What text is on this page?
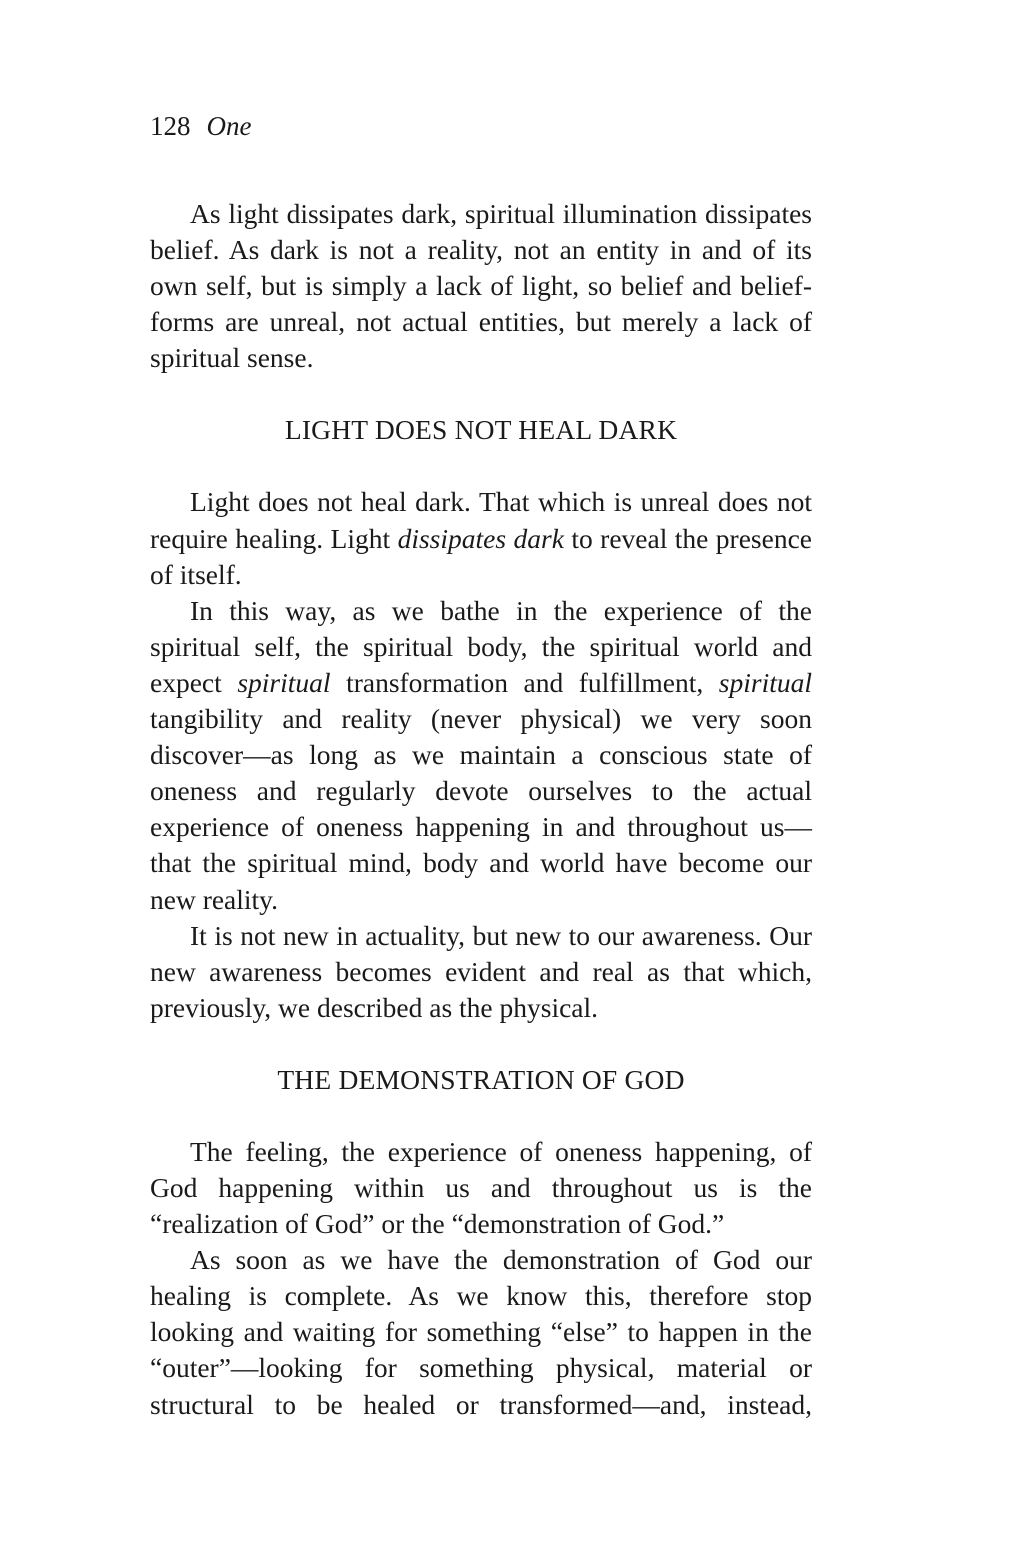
128 One

As light dissipates dark, spiritual illumination dissipates belief. As dark is not a reality, not an entity in and of its own self, but is simply a lack of light, so belief and belief-forms are unreal, not actual entities, but merely a lack of spiritual sense.

LIGHT DOES NOT HEAL DARK

Light does not heal dark. That which is unreal does not require healing. Light dissipates dark to reveal the presence of itself.

In this way, as we bathe in the experience of the spiritual self, the spiritual body, the spiritual world and expect spiritual transformation and fulfillment, spiritual tangibility and reality (never physical) we very soon discover—as long as we maintain a conscious state of oneness and regularly devote ourselves to the actual experience of oneness happening in and throughout us—that the spiritual mind, body and world have become our new reality.

It is not new in actuality, but new to our awareness. Our new awareness becomes evident and real as that which, previously, we described as the physical.

THE DEMONSTRATION OF GOD

The feeling, the experience of oneness happening, of God happening within us and throughout us is the “realization of God” or the “demonstration of God.”

As soon as we have the demonstration of God our healing is complete. As we know this, therefore stop looking and waiting for something “else” to happen in the “outer”—looking for something physical, material or structural to be healed or transformed—and, instead,
